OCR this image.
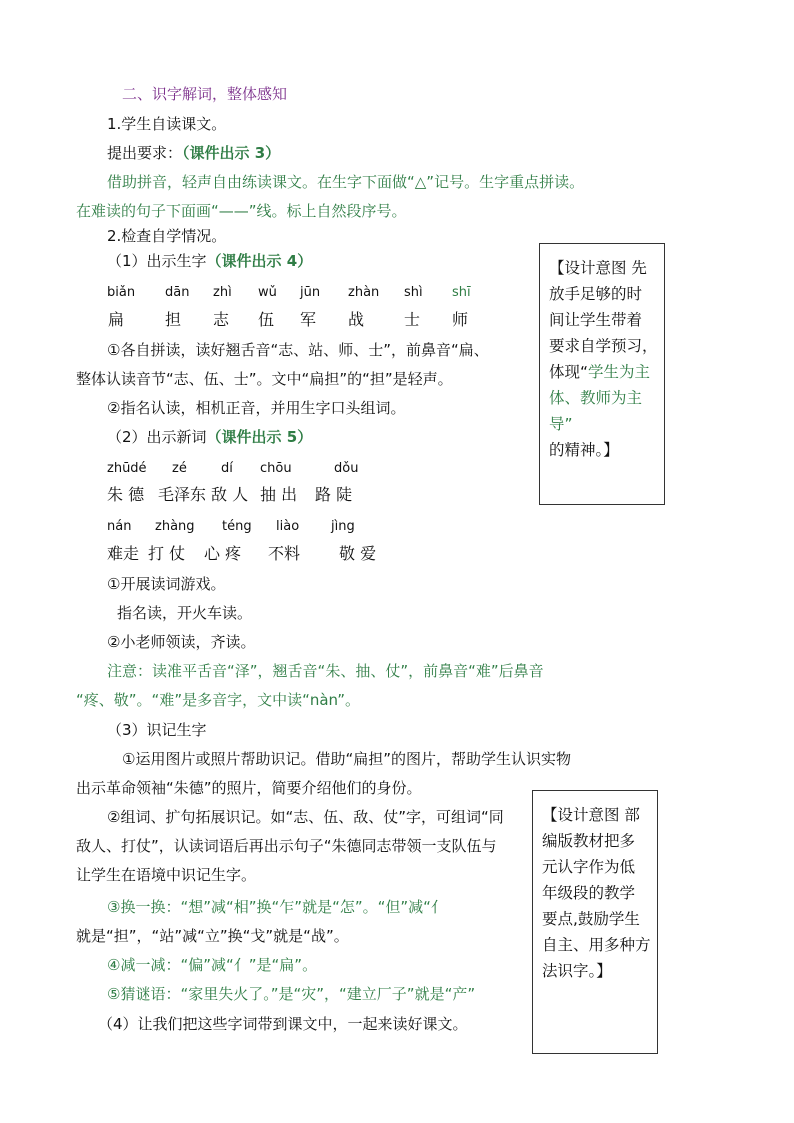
二、识字解词，整体感知
1.学生自读课文。
提出要求：（课件出示 3）
借助拼音，轻声自由练读课文。在生字下面做“△”记号。生字重点拼读。
在难读的句子下面画“——”线。标上自然段序号。
2.检查自学情况。
（1）出示生字（课件出示 4）
biǎn dān zhì wǔ jūn zhàn shì shī
扁	担 志 伍 军 战 士 师
①各自拼读，读好翘舌音“志、站、师、士”，前鼻音“扁、
整体认读音节“志、伍、士”。文中“扁担”的“担”是轻声。
②指名认读，相机正音，并用生字口头组词。
（2）出示新词（课件出示 5）
zhūdé zé	dí chōu	dǒu
朱 德 毛泽东 敌 人 抽 出 路 陡
nán zhàng téng liào jìng
难走 打 仗 心 疼 不料 敬 爱
①开展读词游戏。
指名读，开火车读。
②小老师领读，齐读。
注意：读准平舌音“泽”，翘舌音“朱、抽、仗”，前鼻音“难”后鼻音
“疼、敬”。“难”是多音字，文中读“nàn”。
（3）识记生字
①运用图片或照片帮助识记。借助“扁担”的图片，帮助学生认识实物
出示革命领袖“朱德”的照片，简要介绍他们的身份。
②组词、扩句拓展识记。如“志、伍、敌、仗”字，可组词“同
敌人、打仗”，认读词语后再出示句子“朱德同志带领一支队伍与
让学生在语境中识记生字。
③换一换：“想”减“相”换“乍”就是“怎”。“但”减“亻
就是“担”，“站”减“立”换“戈”就是“战”。
④减一减：“偏”减“亻”是“扁”。
⑤猜谜语：“家里失火了。”是“灾”，“建立厂子”就是“产”
（4）让我们把这些字词带到课文中，一起来读好课文。
【设计意图 先
放手足够的时
间让学生带着
要求自学预习，
体现“学生为主
体、教师为主导”
的精神。】
【设计意图 部
编版教材把多
元认字作为低
年级段的教学
要点,鼓励学生
自主、用多种方
法识字。】
